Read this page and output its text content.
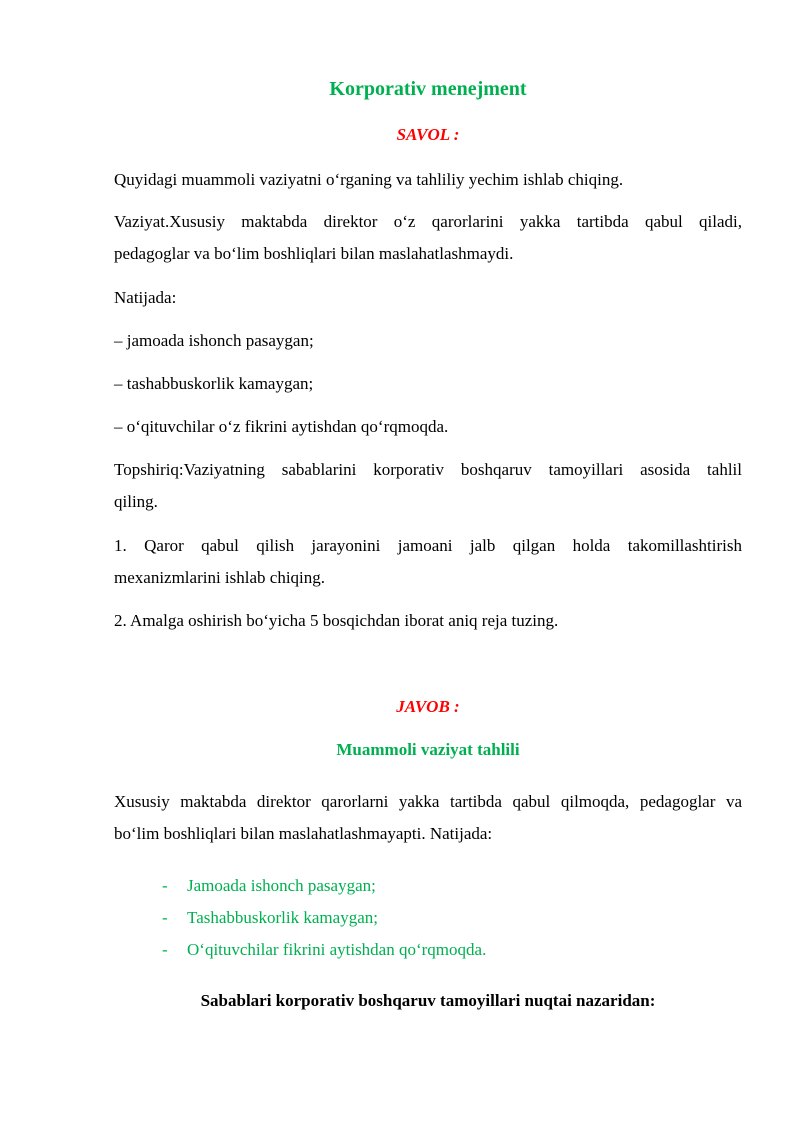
Korporativ menejment
SAVOL :
Quyidagi muammoli vaziyatni o‘rganing va tahliliy yechim ishlab chiqing.
Vaziyat.Xususiy maktabda direktor o‘z qarorlarini yakka tartibda qabul qiladi,
pedagoglar va bo‘lim boshliqlari bilan maslahatlashmaydi.
Natijada:
– jamoada ishonch pasaygan;
– tashabbuskorlik kamaygan;
– o‘qituvchilar o‘z fikrini aytishdan qo‘rqmoqda.
Topshiriq:Vaziyatning sabablarini korporativ boshqaruv tamoyillari asosida tahlil
qiling.
1. Qaror qabul qilish jarayonini jamoani jalb qilgan holda takomillashtirish
mexanizmlarini ishlab chiqing.
2. Amalga oshirish bo‘yicha 5 bosqichdan iborat aniq reja tuzing.
JAVOB :
Muammoli vaziyat tahlili
Xususiy maktabda direktor qarorlarni yakka tartibda qabul qilmoqda, pedagoglar va
bo‘lim boshliqlari bilan maslahatlashmayapti. Natijada:
- Jamoada ishonch pasaygan;
- Tashabbuskorlik kamaygan;
- O‘qituvchilar fikrini aytishdan qo‘rqmoqda.
Sabablari korporativ boshqaruv tamoyillari nuqtai nazaridan:
